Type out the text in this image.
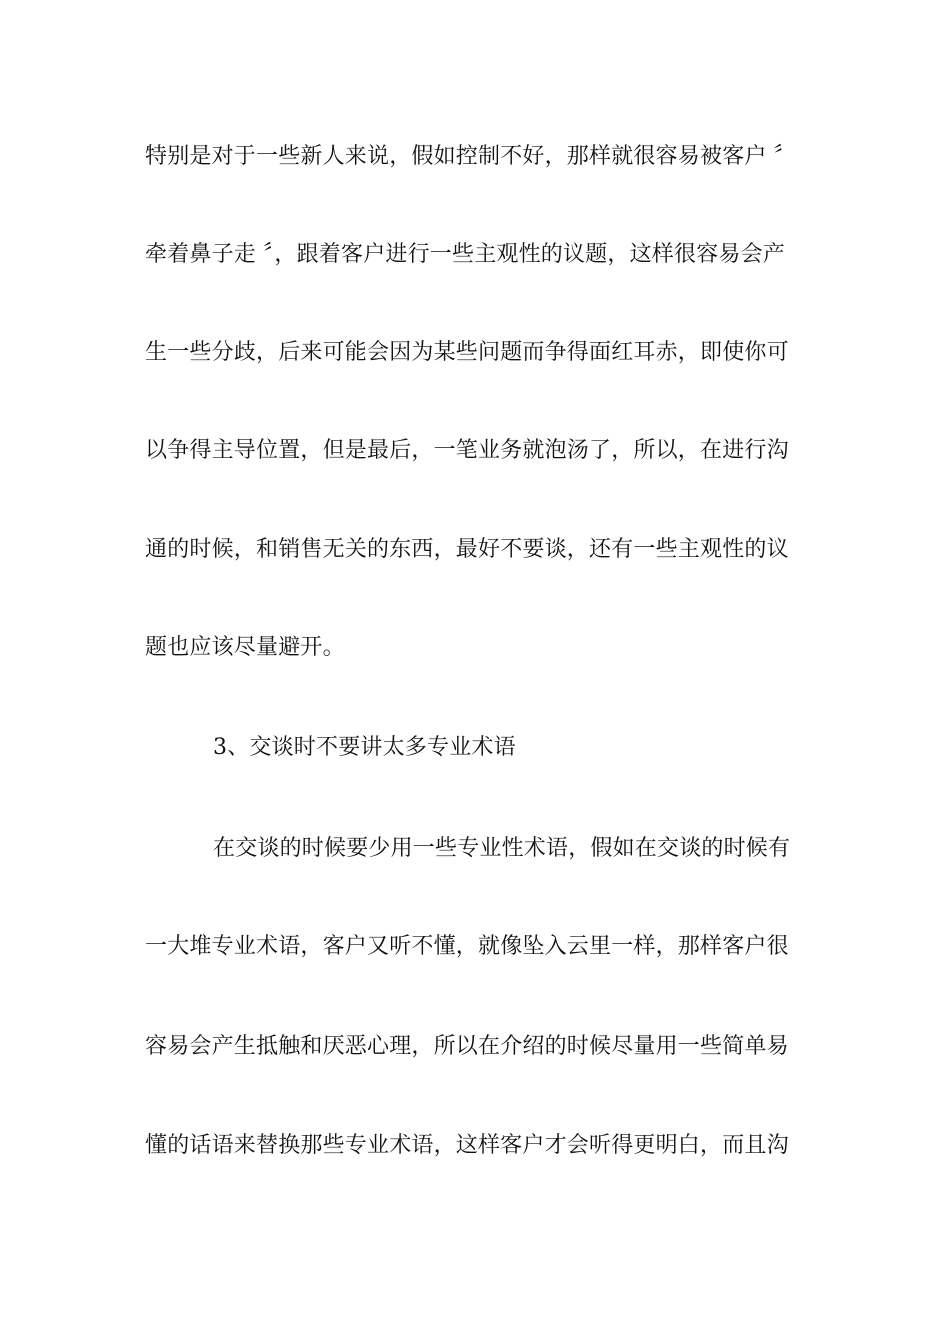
特别是对于一些新人来说，假如控制不好，那样就很容易被客户 〞
牵着鼻子走 〞，跟着客户进行一些主观性的议题，这样很容易会产
生一些分歧，后来可能会因为某些问题而争得面红耳赤，即使你可
以争得主导位置，但是最后，一笔业务就泡汤了，所以，在进行沟
通的时候，和销售无关的东西，最好不要谈，还有一些主观性的议
题也应该尽量避开。
3、交谈时不要讲太多专业术语
在交谈的时候要少用一些专业性术语，假如在交谈的时候有
一大堆专业术语，客户又听不懂，就像坠入云里一样，那样客户很
容易会产生抵触和厌恶心理，所以在介绍的时候尽量用一些简单易
懂的话语来替换那些专业术语，这样客户才会听得更明白，而且沟
